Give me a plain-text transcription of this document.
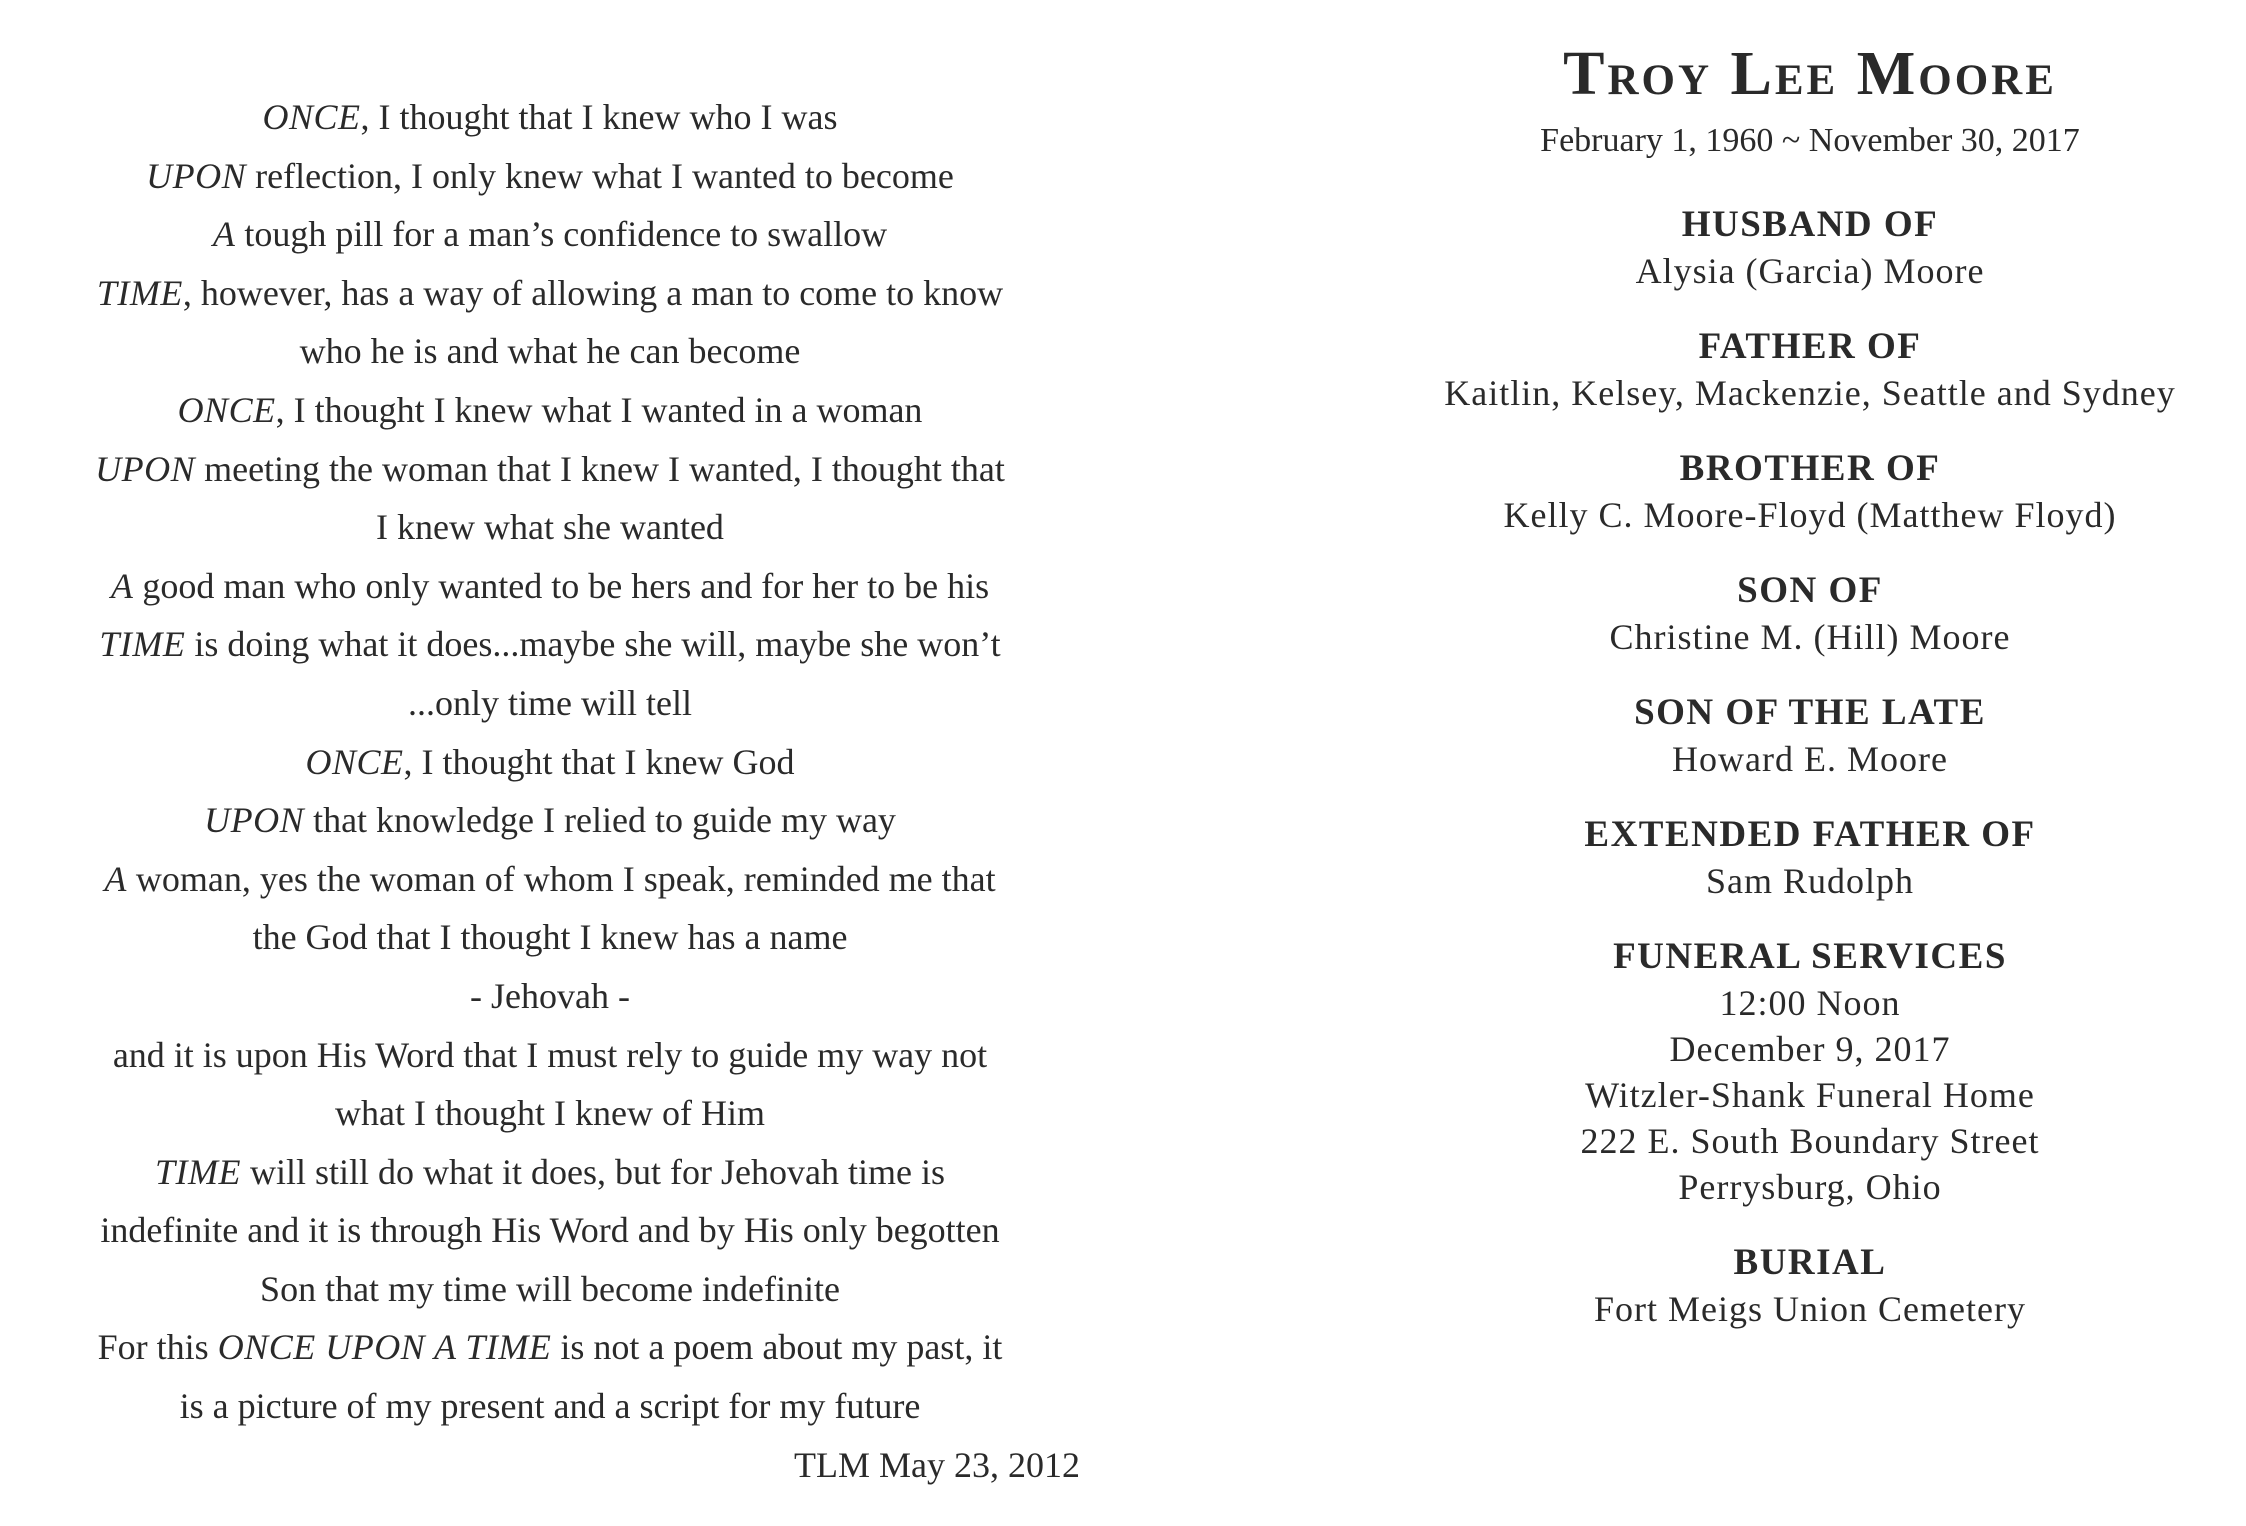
ONCE, I thought that I knew who I was
UPON reflection, I only knew what I wanted to become
A tough pill for a man’s confidence to swallow
TIME, however, has a way of allowing a man to come to know
who he is and what he can become
ONCE, I thought I knew what I wanted in a woman
UPON meeting the woman that I knew I wanted, I thought that
I knew what she wanted
A good man who only wanted to be hers and for her to be his
TIME is doing what it does...maybe she will, maybe she won’t
...only time will tell
ONCE, I thought that I knew God
UPON that knowledge I relied to guide my way
A woman, yes the woman of whom I speak, reminded me that
the God that I thought I knew has a name
- Jehovah -
and it is upon His Word that I must rely to guide my way not
what I thought I knew of Him
TIME will still do what it does, but for Jehovah time is
indefinite and it is through His Word and by His only begotten
Son that my time will become indefinite
For this ONCE UPON A TIME is not a poem about my past, it
is a picture of my present and a script for my future
TLM May 23, 2012
Troy Lee Moore
February 1, 1960 ~ November 30, 2017
HUSBAND OF
Alysia (Garcia) Moore
FATHER OF
Kaitlin, Kelsey, Mackenzie, Seattle and Sydney
BROTHER OF
Kelly C. Moore-Floyd (Matthew Floyd)
SON OF
Christine M. (Hill) Moore
SON OF THE LATE
Howard E. Moore
EXTENDED FATHER OF
Sam Rudolph
FUNERAL SERVICES
12:00 Noon
December 9, 2017
Witzler-Shank Funeral Home
222 E. South Boundary Street
Perrysburg, Ohio
BURIAL
Fort Meigs Union Cemetery
